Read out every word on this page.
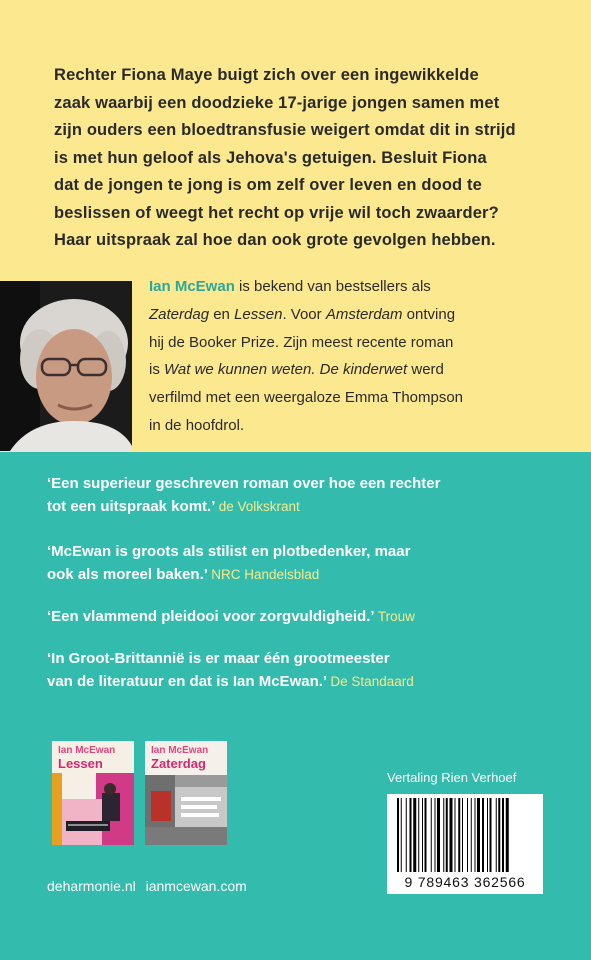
Rechter Fiona Maye buigt zich over een ingewikkelde
zaak waarbij een doodzieke 17-jarige jongen samen met
zijn ouders een bloedtransfusie weigert omdat dit in strijd
is met hun geloof als Jehova's getuigen. Besluit Fiona
dat de jongen te jong is om zelf over leven en dood te
beslissen of weegt het recht op vrije wil toch zwaarder?
Haar uitspraak zal hoe dan ook grote gevolgen hebben.

Ian McEwan is bekend van bestsellers als
Zaterdag en Lessen. Voor Amsterdam ontving
hij de Booker Prize. Zijn meest recente roman
is Wat we kunnen weten. De kinderwet werd
verfilmd met een weergaloze Emma Thompson
in de hoofdrol.

‘Een superieur geschreven roman over hoe een rechter
tot een uitspraak komt.’ de Volkskrant

‘McEwan is groots als stilist en plotbedenker, maar
ook als moreel baken.’ NRC Handelsblad

‘Een vlammend pleidooi voor zorgvuldigheid.’ Trouw

‘In Groot-Brittannië is er maar één grootmeester
van de literatuur en dat is Ian McEwan.’ De Standaard

Ian McEwan
Lessen
Ian McEwan
Zaterdag
deharmonie.nl ianmcewan.com
Vertaling Rien Verhoef
9 789463 362566
